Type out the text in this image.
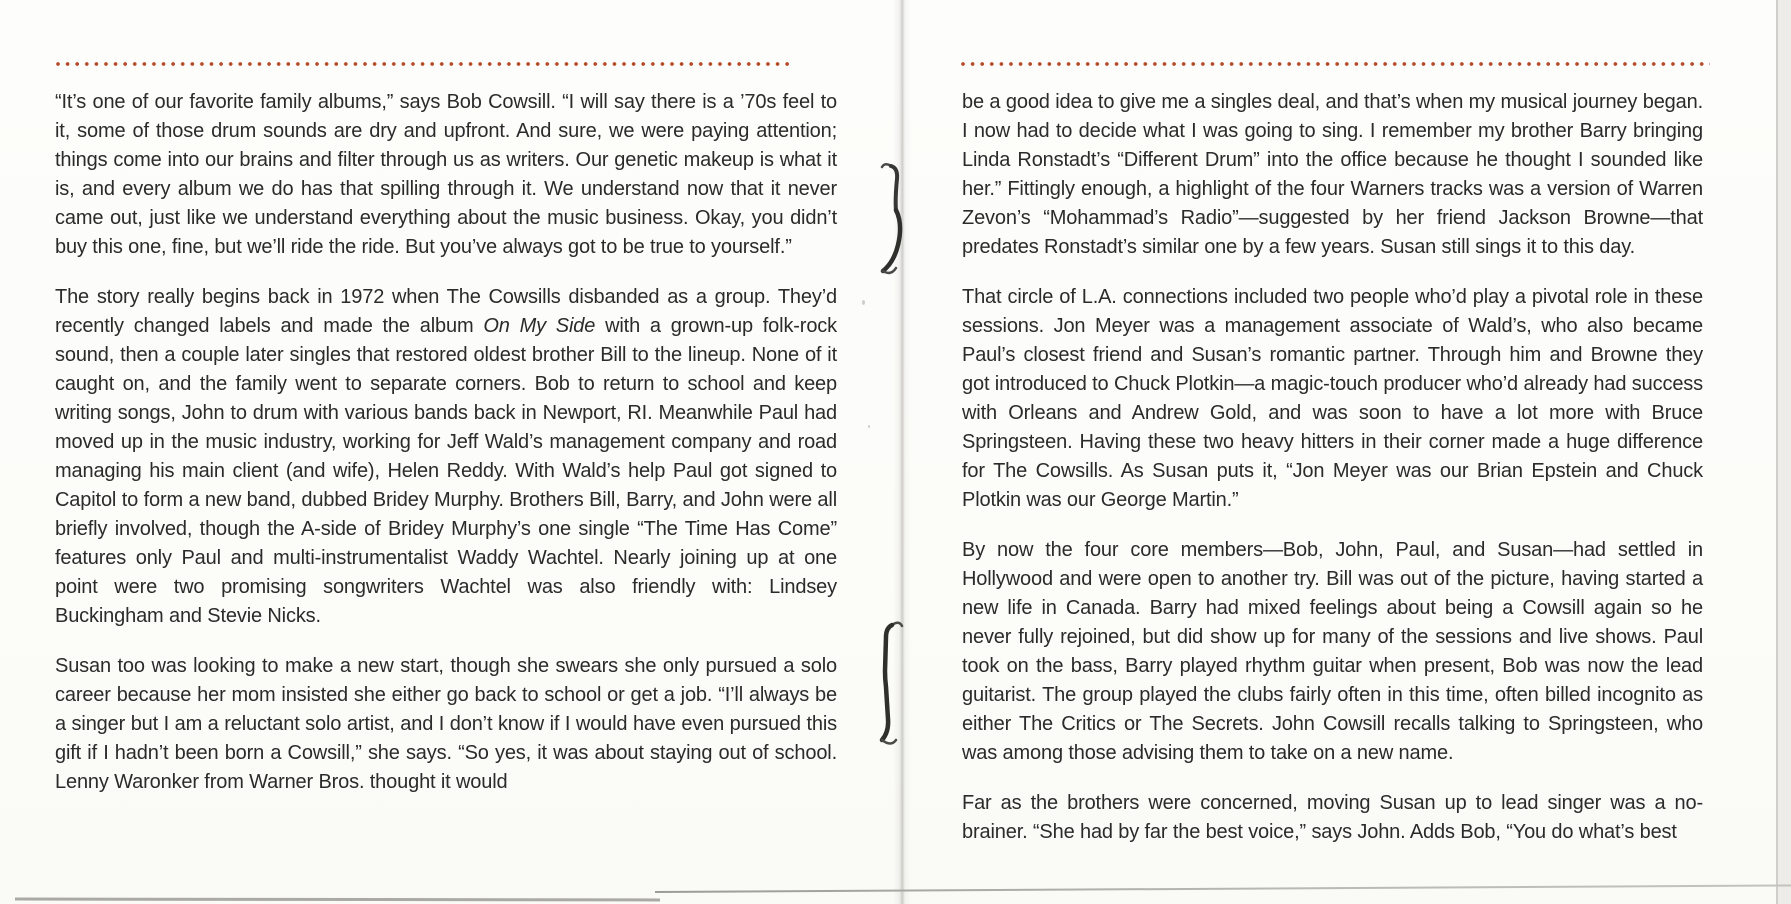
“It’s one of our favorite family albums,” says Bob Cowsill. “I will say there is a ’70s feel to it, some of those drum sounds are dry and upfront. And sure, we were paying attention; things come into our brains and filter through us as writers. Our genetic makeup is what it is, and every album we do has that spilling through it. We understand now that it never came out, just like we understand everything about the music business. Okay, you didn’t buy this one, fine, but we’ll ride the ride. But you’ve always got to be true to yourself.”

The story really begins back in 1972 when The Cowsills disbanded as a group. They’d recently changed labels and made the album On My Side with a grown-up folk-rock sound, then a couple later singles that restored oldest brother Bill to the lineup. None of it caught on, and the family went to separate corners. Bob to return to school and keep writing songs, John to drum with various bands back in Newport, RI. Meanwhile Paul had moved up in the music industry, working for Jeff Wald’s management company and road managing his main client (and wife), Helen Reddy. With Wald’s help Paul got signed to Capitol to form a new band, dubbed Bridey Murphy. Brothers Bill, Barry, and John were all briefly involved, though the A-side of Bridey Murphy’s one single “The Time Has Come” features only Paul and multi-instrumentalist Waddy Wachtel. Nearly joining up at one point were two promising songwriters Wachtel was also friendly with: Lindsey Buckingham and Stevie Nicks.

Susan too was looking to make a new start, though she swears she only pursued a solo career because her mom insisted she either go back to school or get a job. “I’ll always be a singer but I am a reluctant solo artist, and I don’t know if I would have even pursued this gift if I hadn’t been born a Cowsill,” she says. “So yes, it was about staying out of school. Lenny Waronker from Warner Bros. thought it would

be a good idea to give me a singles deal, and that’s when my musical journey began. I now had to decide what I was going to sing. I remember my brother Barry bringing Linda Ronstadt’s “Different Drum” into the office because he thought I sounded like her.” Fittingly enough, a highlight of the four Warners tracks was a version of Warren Zevon’s “Mohammad’s Radio”—suggested by her friend Jackson Browne—that predates Ronstadt’s similar one by a few years. Susan still sings it to this day.

That circle of L.A. connections included two people who’d play a pivotal role in these sessions. Jon Meyer was a management associate of Wald’s, who also became Paul’s closest friend and Susan’s romantic partner. Through him and Browne they got introduced to Chuck Plotkin—a magic-touch producer who’d already had success with Orleans and Andrew Gold, and was soon to have a lot more with Bruce Springsteen. Having these two heavy hitters in their corner made a huge difference for The Cowsills. As Susan puts it, “Jon Meyer was our Brian Epstein and Chuck Plotkin was our George Martin.”

By now the four core members—Bob, John, Paul, and Susan—had settled in Hollywood and were open to another try. Bill was out of the picture, having started a new life in Canada. Barry had mixed feelings about being a Cowsill again so he never fully rejoined, but did show up for many of the sessions and live shows. Paul took on the bass, Barry played rhythm guitar when present, Bob was now the lead guitarist. The group played the clubs fairly often in this time, often billed incognito as either The Critics or The Secrets. John Cowsill recalls talking to Springsteen, who was among those advising them to take on a new name.

Far as the brothers were concerned, moving Susan up to lead singer was a no-brainer. “She had by far the best voice,” says John. Adds Bob, “You do what’s best
